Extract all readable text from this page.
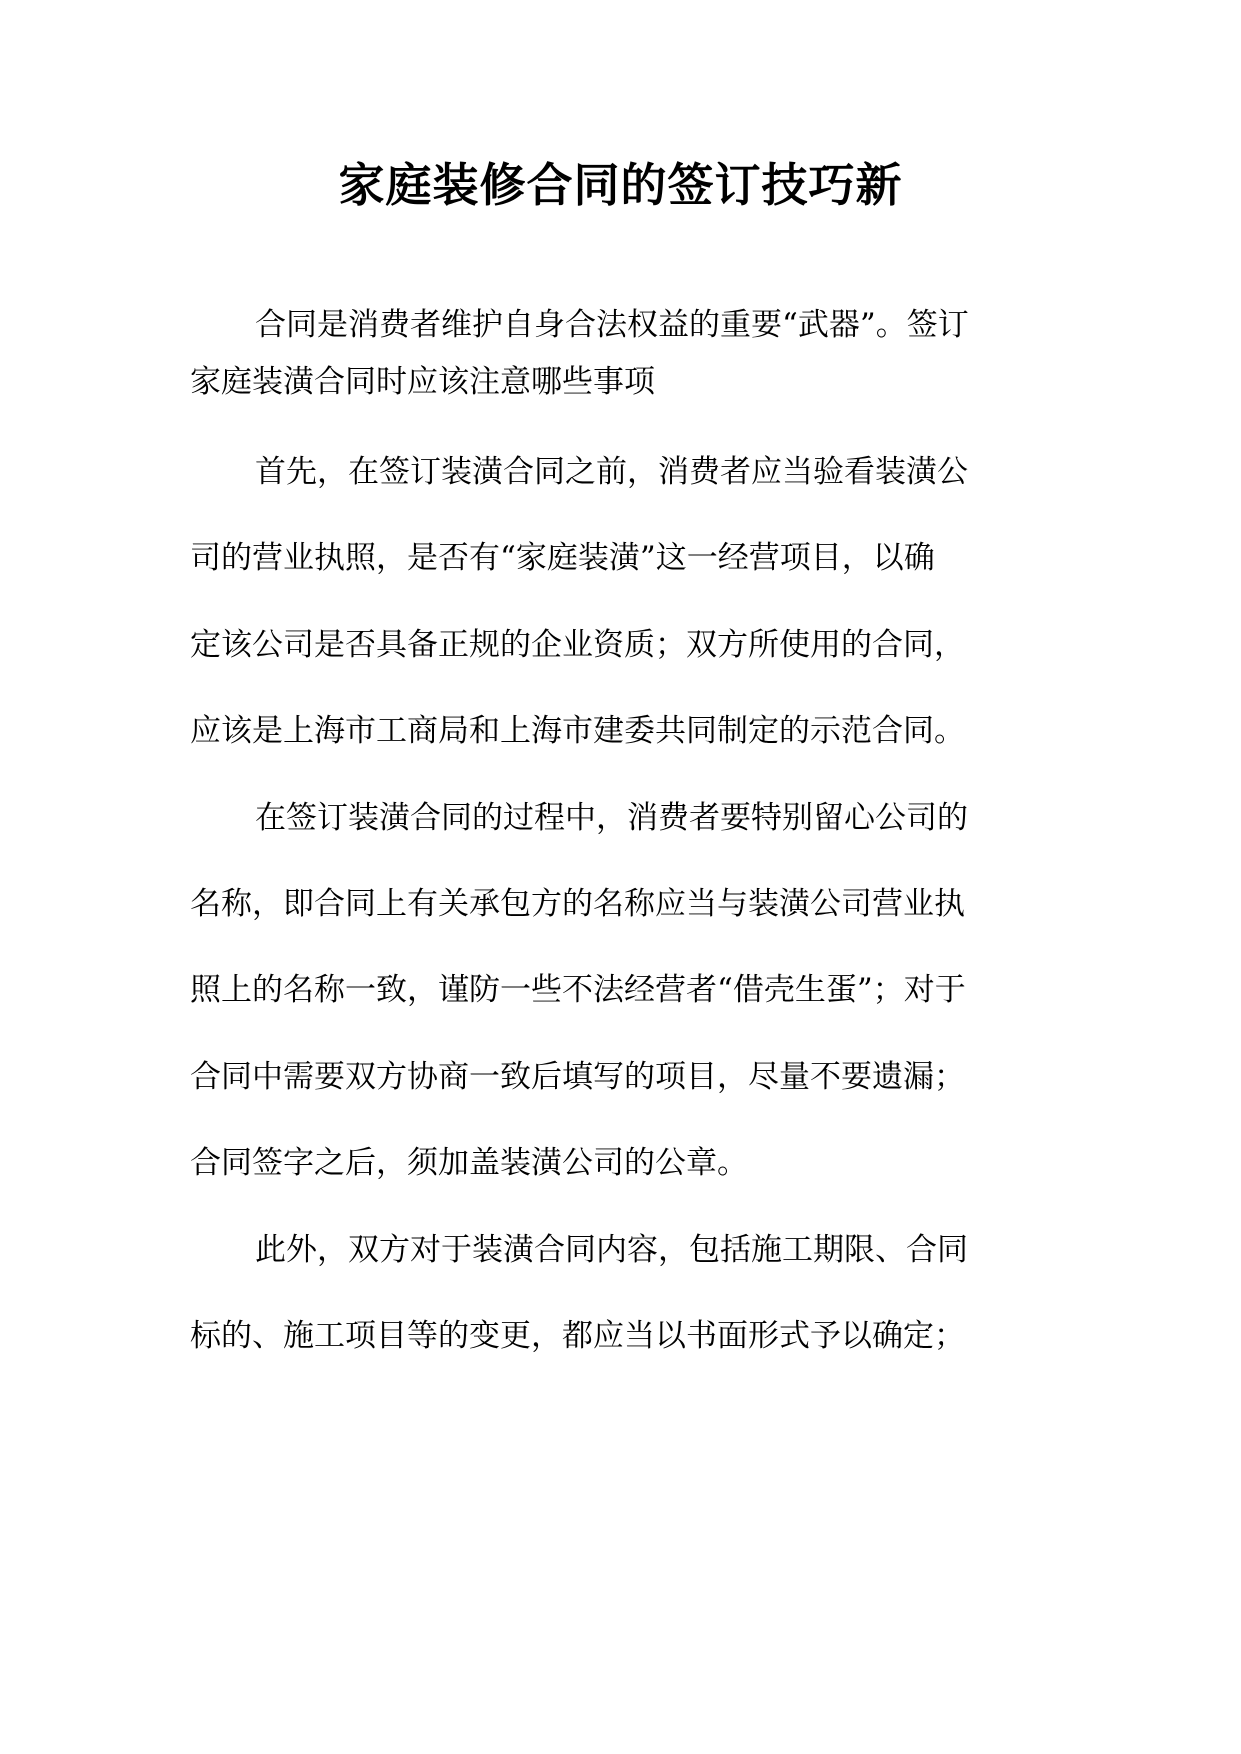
家庭装修合同的签订技巧新

合同是消费者维护自身合法权益的重要“武器”。签订

家庭装潢合同时应该注意哪些事项

首先，在签订装潢合同之前，消费者应当验看装潢公

司的营业执照，是否有“家庭装潢”这一经营项目，以确

定该公司是否具备正规的企业资质；双方所使用的合同，

应该是上海市工商局和上海市建委共同制定的示范合同。

在签订装潢合同的过程中，消费者要特别留心公司的

名称，即合同上有关承包方的名称应当与装潢公司营业执

照上的名称一致，谨防一些不法经营者“借壳生蛋”；对于

合同中需要双方协商一致后填写的项目，尽量不要遗漏；

合同签字之后，须加盖装潢公司的公章。

此外，双方对于装潢合同内容，包括施工期限、合同

标的、施工项目等的变更，都应当以书面形式予以确定；
